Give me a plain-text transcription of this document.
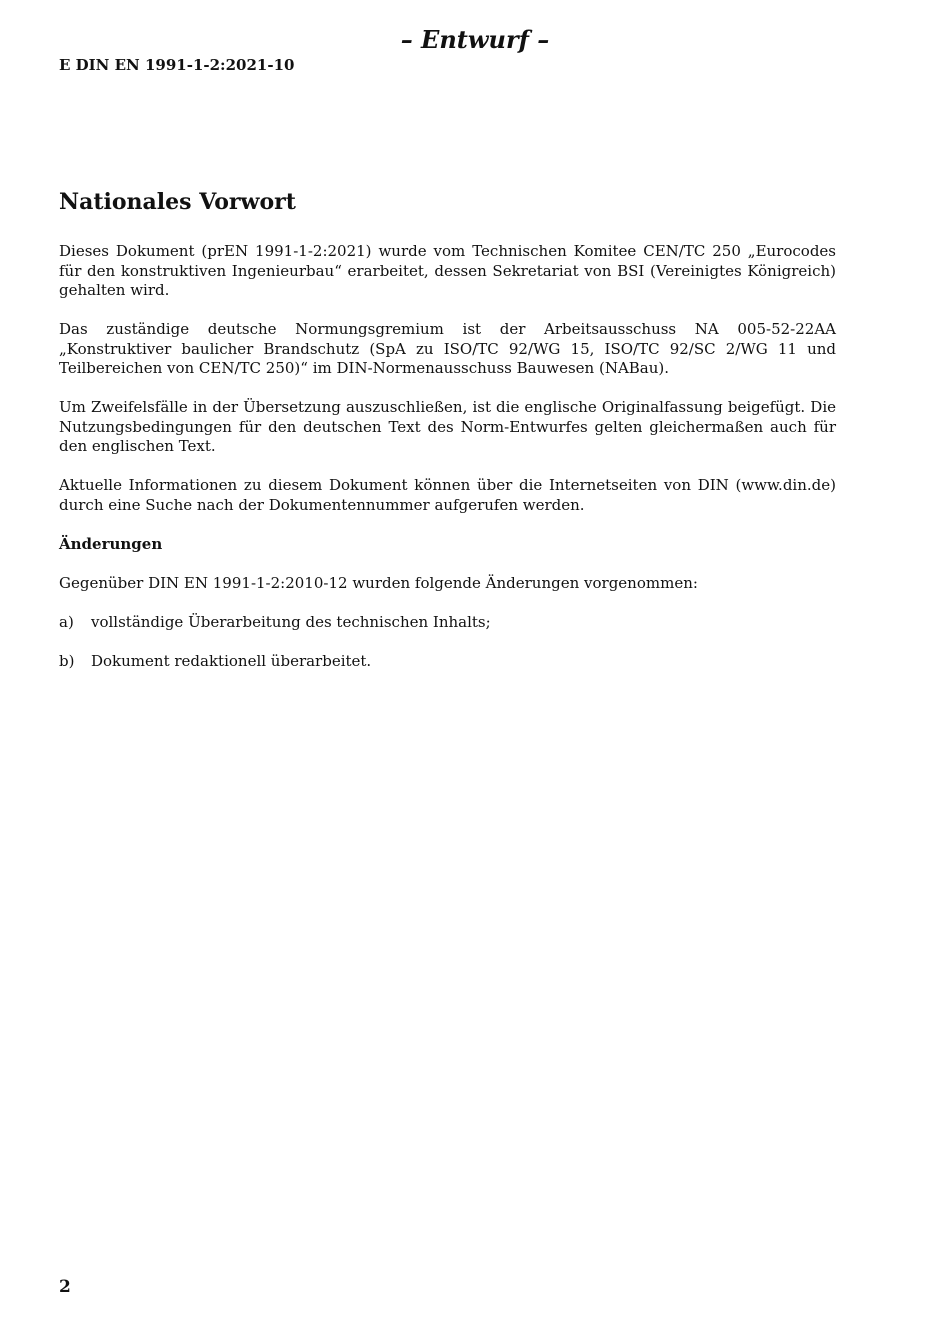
– Entwurf –
E DIN EN 1991-1-2:2021-10
Nationales Vorwort

Dieses Dokument (prEN 1991-1-2:2021) wurde vom Technischen Komitee CEN/TC 250 „Eurocodes für den konstruktiven Ingenieurbau“ erarbeitet, dessen Sekretariat von BSI (Vereinigtes Königreich) gehalten wird.

Das zuständige deutsche Normungsgremium ist der Arbeitsausschuss NA 005-52-22AA „Konstruktiver baulicher Brandschutz (SpA zu ISO/TC 92/WG 15, ISO/TC 92/SC 2/WG 11 und Teilbereichen von CEN/TC 250)“ im DIN-Normenausschuss Bauwesen (NABau).

Um Zweifelsfälle in der Übersetzung auszuschließen, ist die englische Originalfassung beigefügt. Die Nutzungsbedingungen für den deutschen Text des Norm-Entwurfes gelten gleichermaßen auch für den englischen Text.

Aktuelle Informationen zu diesem Dokument können über die Internetseiten von DIN (www.din.de) durch eine Suche nach der Dokumentennummer aufgerufen werden.

Änderungen

Gegenüber DIN EN 1991-1-2:2010-12 wurden folgende Änderungen vorgenommen:

a)	vollständige Überarbeitung des technischen Inhalts;
b)	Dokument redaktionell überarbeitet.
2
